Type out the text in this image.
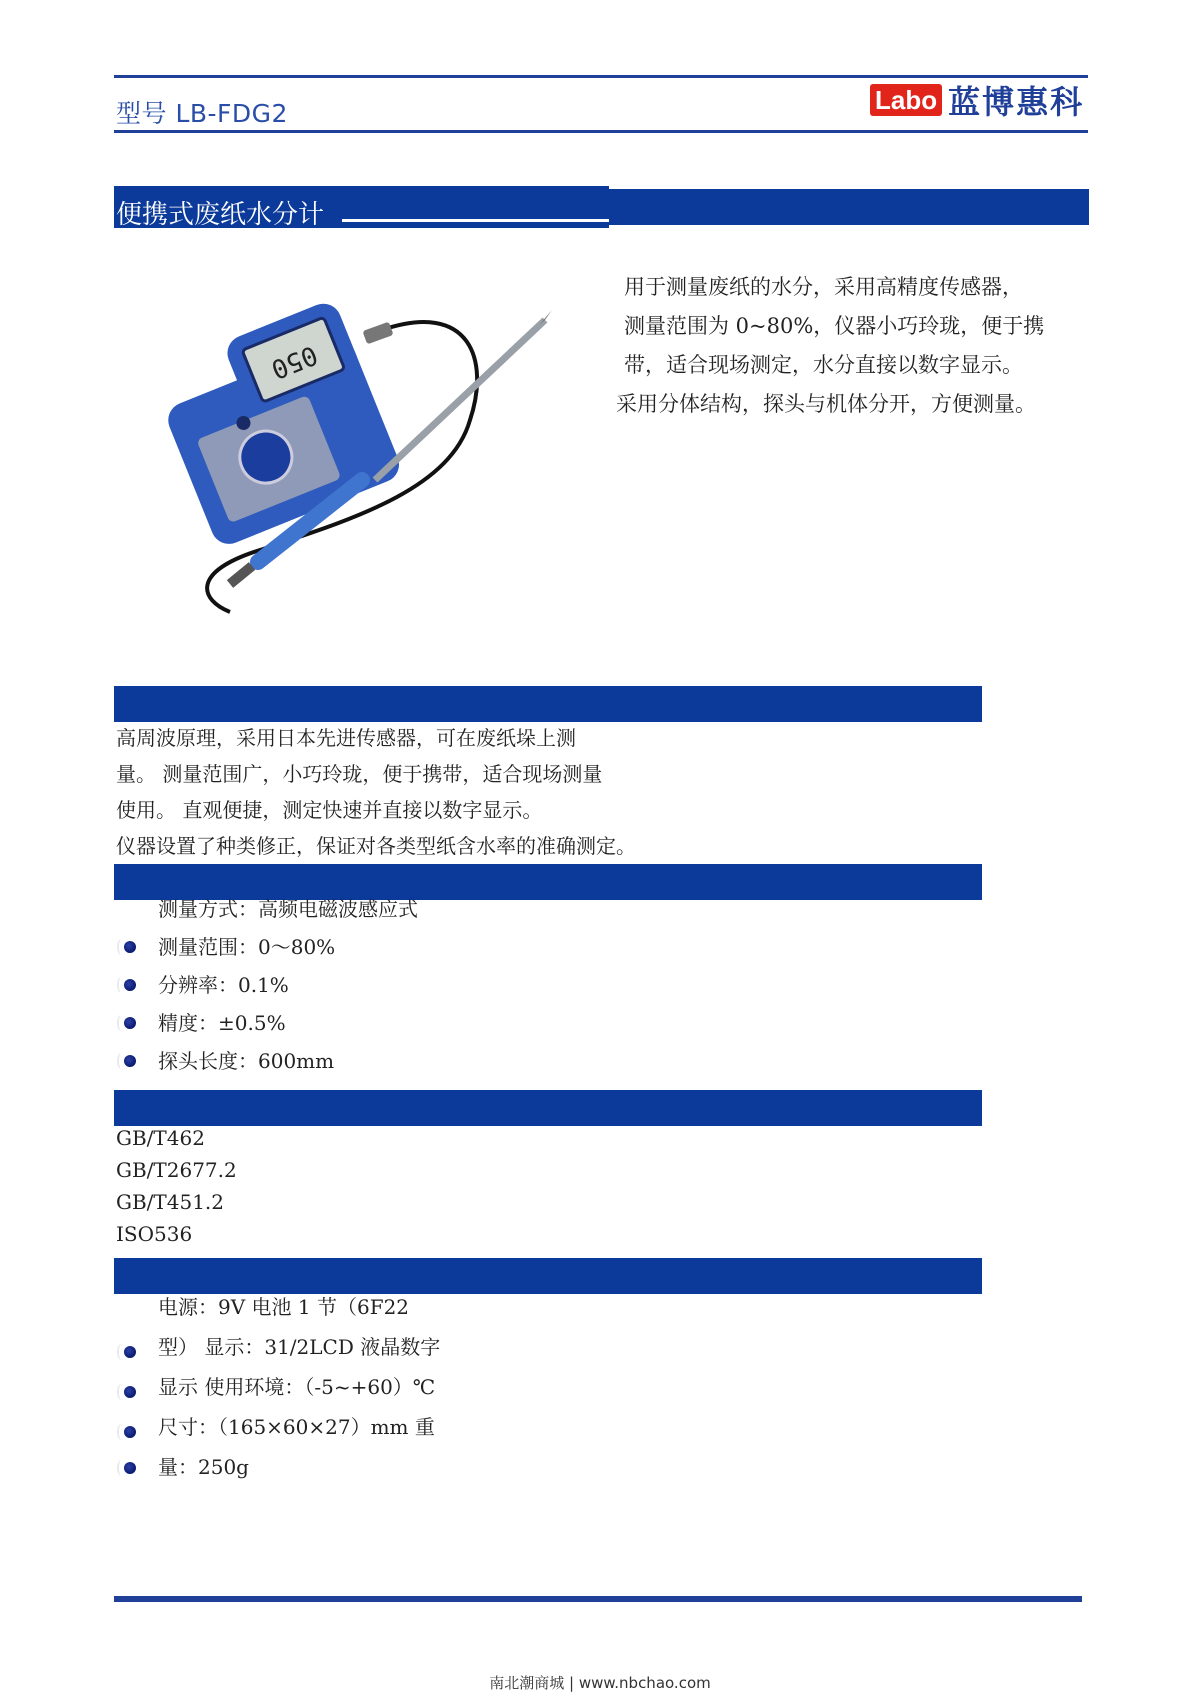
型号 LB-FDG2	Labo 蓝博惠科
便携式废纸水分计
050

用于测量废纸的水分，采用高精度传感器，

测量范围为 0~80%，仪器小巧玲珑，便于携

带，适合现场测定，水分直接以数字显示。

采用分体结构，探头与机体分开，方便测量。

高周波原理，采用日本先进传感器，可在废纸垛上测

量。 测量范围广，小巧玲珑，便于携带，适合现场测量

使用。 直观便捷，测定快速并直接以数字显示。

仪器设置了种类修正，保证对各类型纸含水率的准确测定。

测量方式：高频电磁波感应式
测量范围：0～80%
分辨率：0.1%
精度：±0.5%
探头长度：600mm

GB/T462

GB/T2677.2

GB/T451.2

ISO536

电源：9V 电池 1 节（6F22
型） 显示：31/2LCD 液晶数字
显示 使用环境：（-5~+60）℃
尺寸：（165×60×27）mm 重
量：250g
南北潮商城 | www.nbchao.com
